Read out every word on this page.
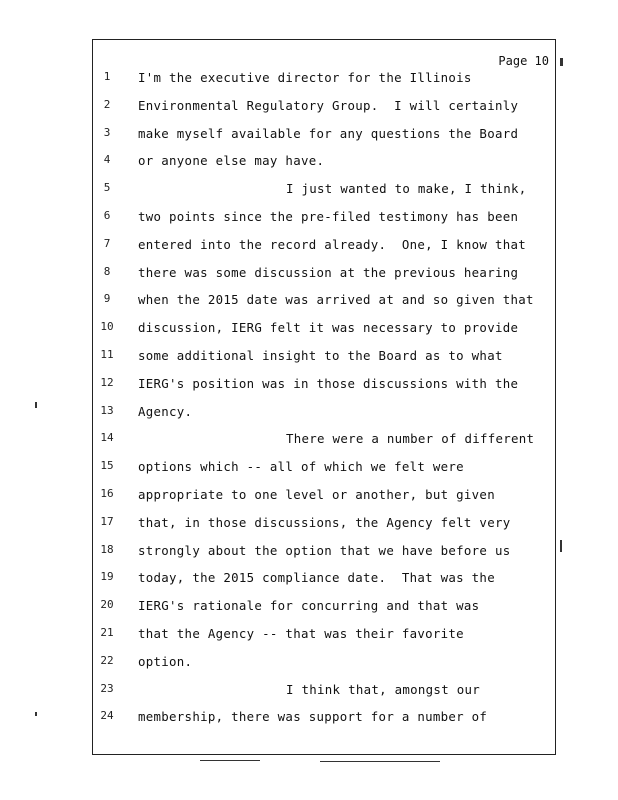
Page 10
1	I'm the executive director for the Illinois
2	Environmental Regulatory Group.  I will certainly
3	make myself available for any questions the Board
4	or anyone else may have.
5	I just wanted to make, I think,
6	two points since the pre-filed testimony has been
7	entered into the record already.  One, I know that
8	there was some discussion at the previous hearing
9	when the 2015 date was arrived at and so given that
10	discussion, IERG felt it was necessary to provide
11	some additional insight to the Board as to what
12	IERG's position was in those discussions with the
13	Agency.
14	There were a number of different
15	options which -- all of which we felt were
16	appropriate to one level or another, but given
17	that, in those discussions, the Agency felt very
18	strongly about the option that we have before us
19	today, the 2015 compliance date.  That was the
20	IERG's rationale for concurring and that was
21	that the Agency -- that was their favorite
22	option.
23	I think that, amongst our
24	membership, there was support for a number of
